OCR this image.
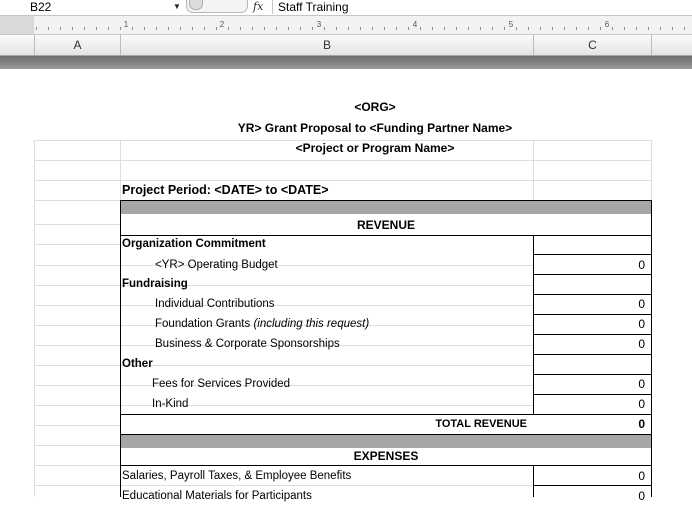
B22	▼	fx	Staff Training
1	2	3	4	5	6
A	B	C
<ORG>
YR> Grant Proposal to <Funding Partner Name>
<Project or Program Name>
Project Period: <DATE> to <DATE>
REVENUE
Organization Commitment
<YR> Operating Budget	0
Fundraising
Individual Contributions	0
Foundation Grants (including this request)	0
Business & Corporate Sponsorships	0
Other
Fees for Services Provided	0
In-Kind	0
TOTAL REVENUE	0
EXPENSES
Salaries, Payroll Taxes, & Employee Benefits	0
Educational Materials for Participants	0
